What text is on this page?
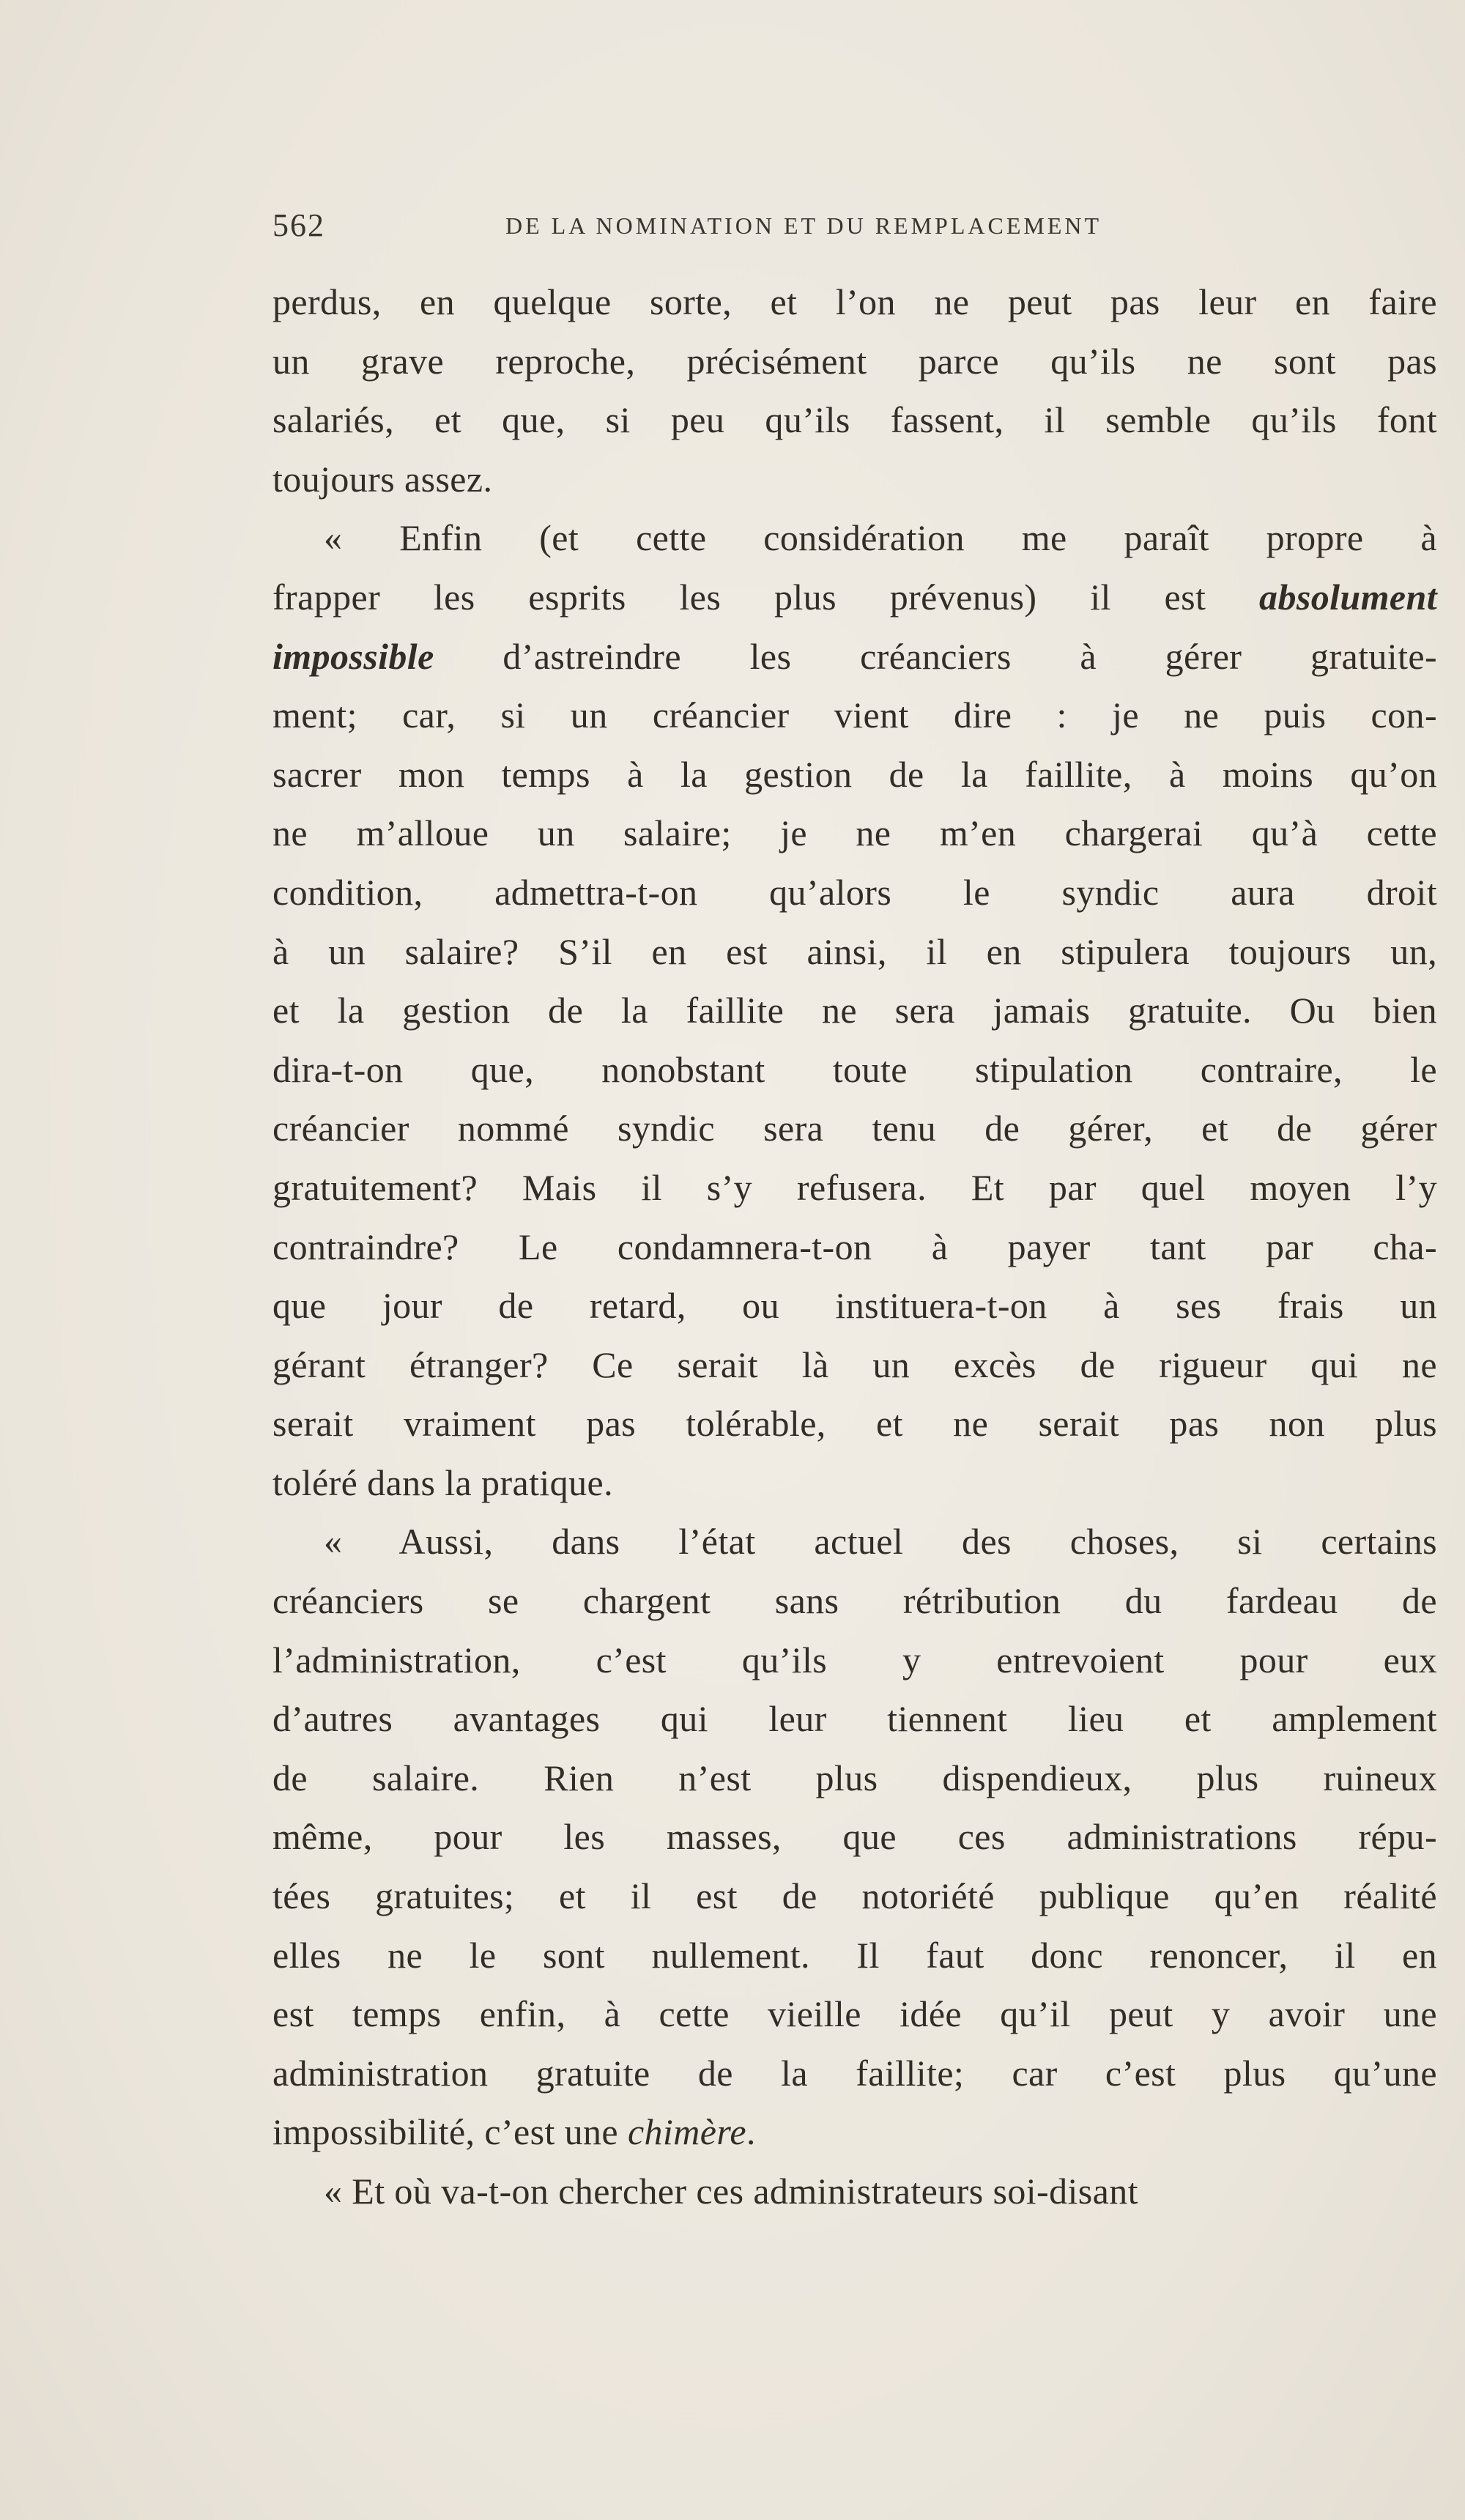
562	DE LA NOMINATION ET DU REMPLACEMENT
perdus, en quelque sorte, et l’on ne peut pas leur en faire
un grave reproche, précisément parce qu’ils ne sont pas
salariés, et que, si peu qu’ils fassent, il semble qu’ils font
toujours assez.
« Enfin (et cette considération me paraît propre à
frapper les esprits les plus prévenus) il est absolument
impossible d’astreindre les créanciers à gérer gratuite-
ment; car, si un créancier vient dire : je ne puis con-
sacrer mon temps à la gestion de la faillite, à moins qu’on
ne m’alloue un salaire; je ne m’en chargerai qu’à cette
condition, admettra-t-on qu’alors le syndic aura droit
à un salaire? S’il en est ainsi, il en stipulera toujours un,
et la gestion de la faillite ne sera jamais gratuite. Ou bien
dira-t-on que, nonobstant toute stipulation contraire, le
créancier nommé syndic sera tenu de gérer, et de gérer
gratuitement? Mais il s’y refusera. Et par quel moyen l’y
contraindre? Le condamnera-t-on à payer tant par cha-
que jour de retard, ou instituera-t-on à ses frais un
gérant étranger? Ce serait là un excès de rigueur qui ne
serait vraiment pas tolérable, et ne serait pas non plus
toléré dans la pratique.
« Aussi, dans l’état actuel des choses, si certains
créanciers se chargent sans rétribution du fardeau de
l’administration, c’est qu’ils y entrevoient pour eux
d’autres avantages qui leur tiennent lieu et amplement
de salaire. Rien n’est plus dispendieux, plus ruineux
même, pour les masses, que ces administrations répu-
tées gratuites; et il est de notoriété publique qu’en réalité
elles ne le sont nullement. Il faut donc renoncer, il en
est temps enfin, à cette vieille idée qu’il peut y avoir une
administration gratuite de la faillite; car c’est plus qu’une
impossibilité, c’est une chimère.
« Et où va-t-on chercher ces administrateurs soi-disant
